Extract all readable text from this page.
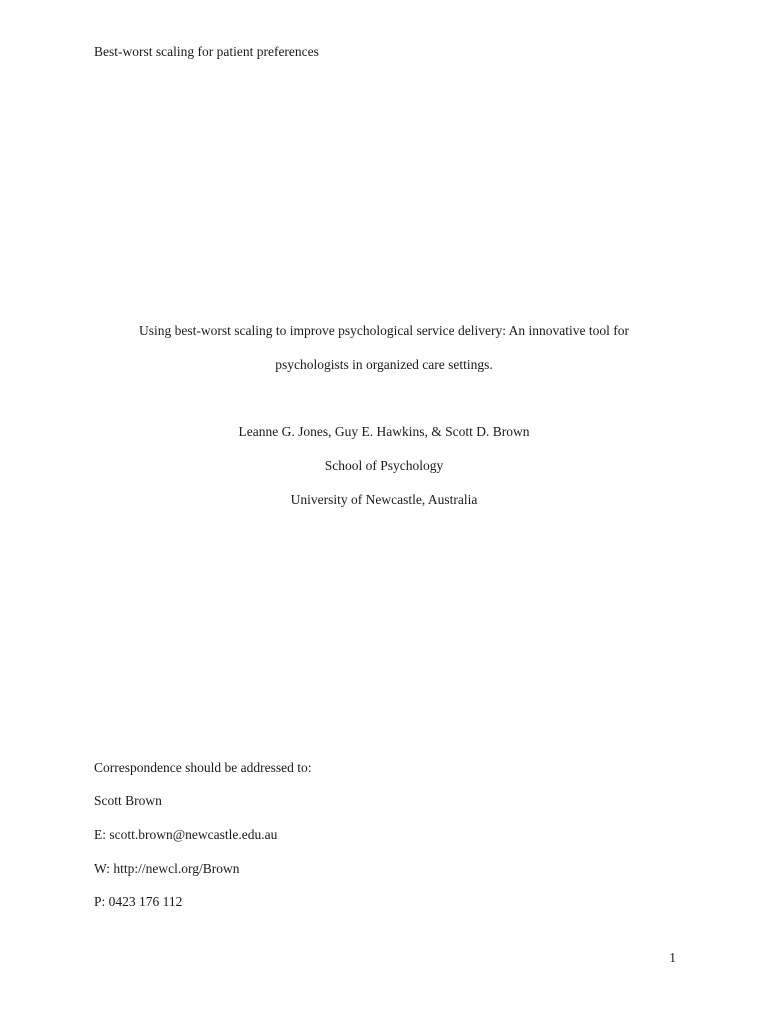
Best-worst scaling for patient preferences
Using best-worst scaling to improve psychological service delivery: An innovative tool for
psychologists in organized care settings.
Leanne G. Jones, Guy E. Hawkins, & Scott D. Brown
School of Psychology
University of Newcastle, Australia
Correspondence should be addressed to:
Scott Brown
E: scott.brown@newcastle.edu.au
W: http://newcl.org/Brown
P: 0423 176 112
1
